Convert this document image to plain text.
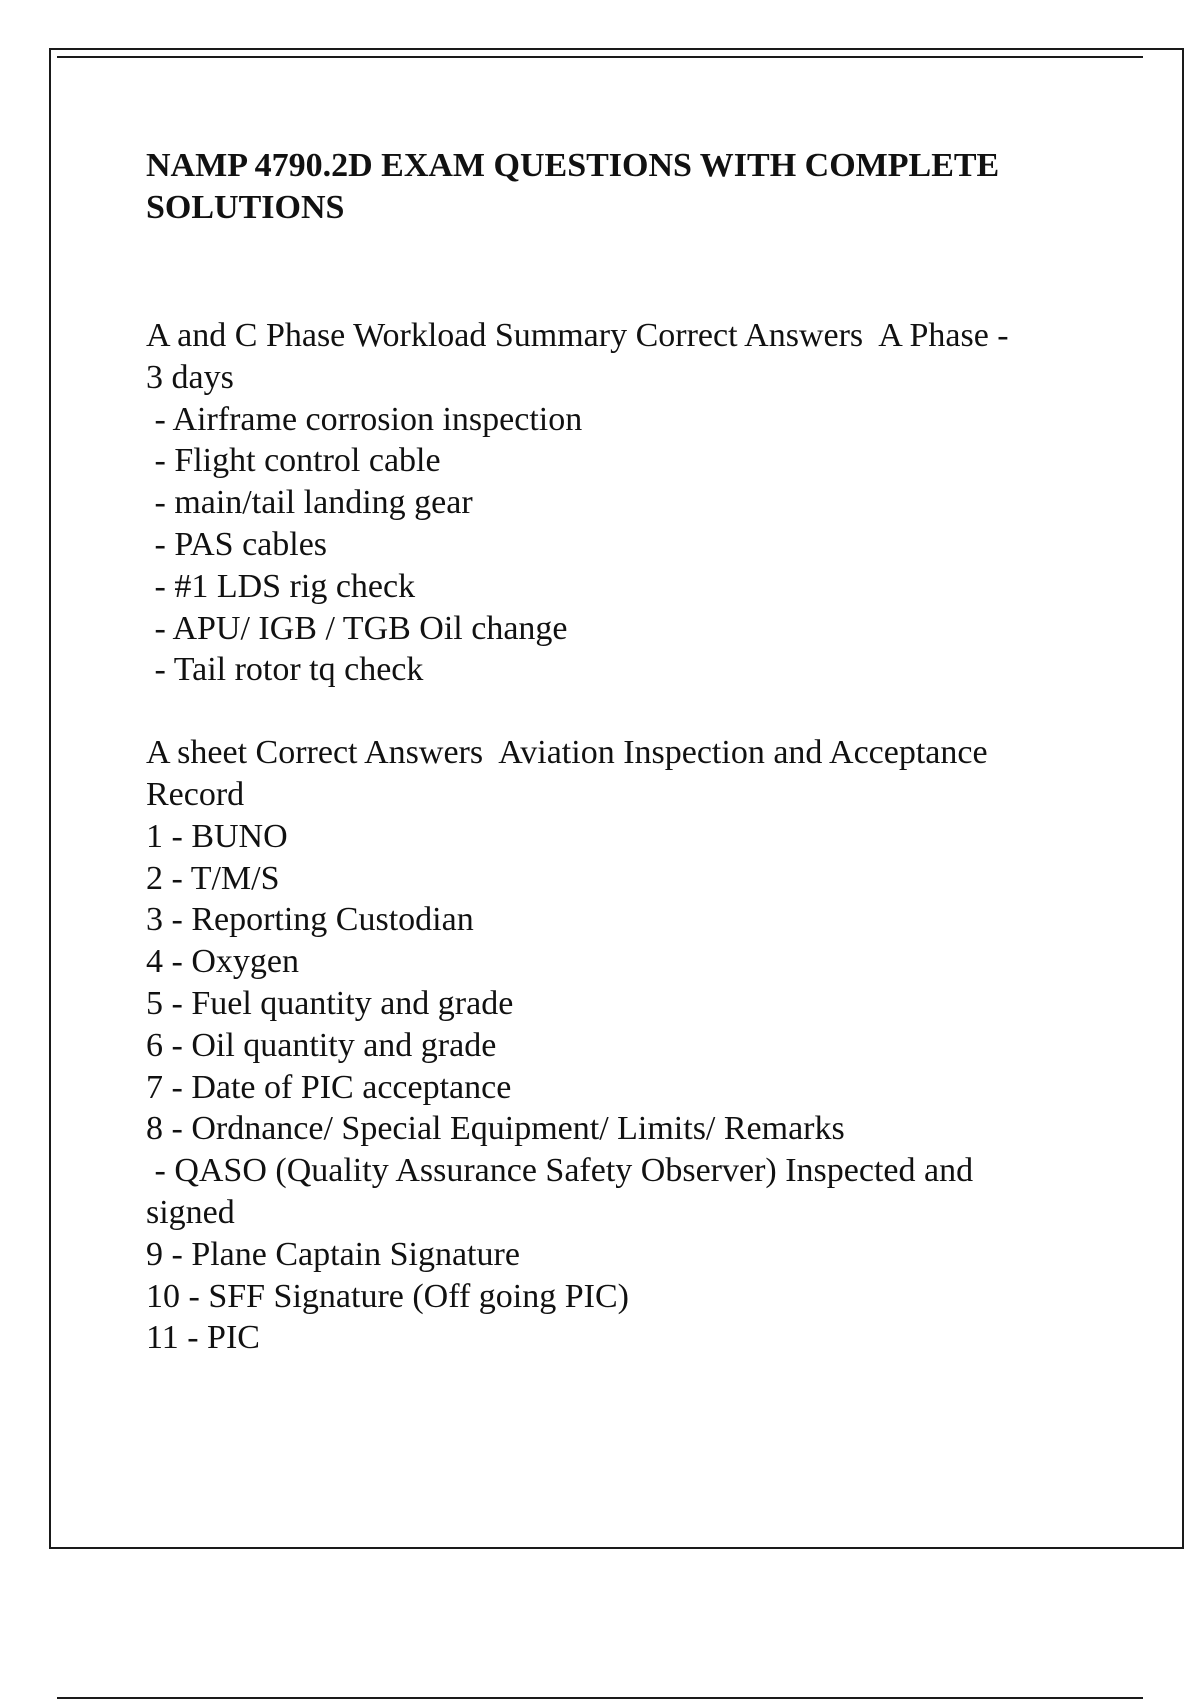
NAMP 4790.2D EXAM QUESTIONS WITH COMPLETE SOLUTIONS

A and C Phase Workload Summary Correct Answers A Phase -

3 days

- Airframe corrosion inspection

- Flight control cable

- main/tail landing gear

- PAS cables

- #1 LDS rig check

- APU/ IGB / TGB Oil change

- Tail rotor tq check

A sheet Correct Answers Aviation Inspection and Acceptance

Record

1 - BUNO

2 - T/M/S

3 - Reporting Custodian

4 - Oxygen

5 - Fuel quantity and grade

6 - Oil quantity and grade

7 - Date of PIC acceptance

8 - Ordnance/ Special Equipment/ Limits/ Remarks

- QASO (Quality Assurance Safety Observer) Inspected and

signed

9 - Plane Captain Signature

10 - SFF Signature (Off going PIC)

11 - PIC
